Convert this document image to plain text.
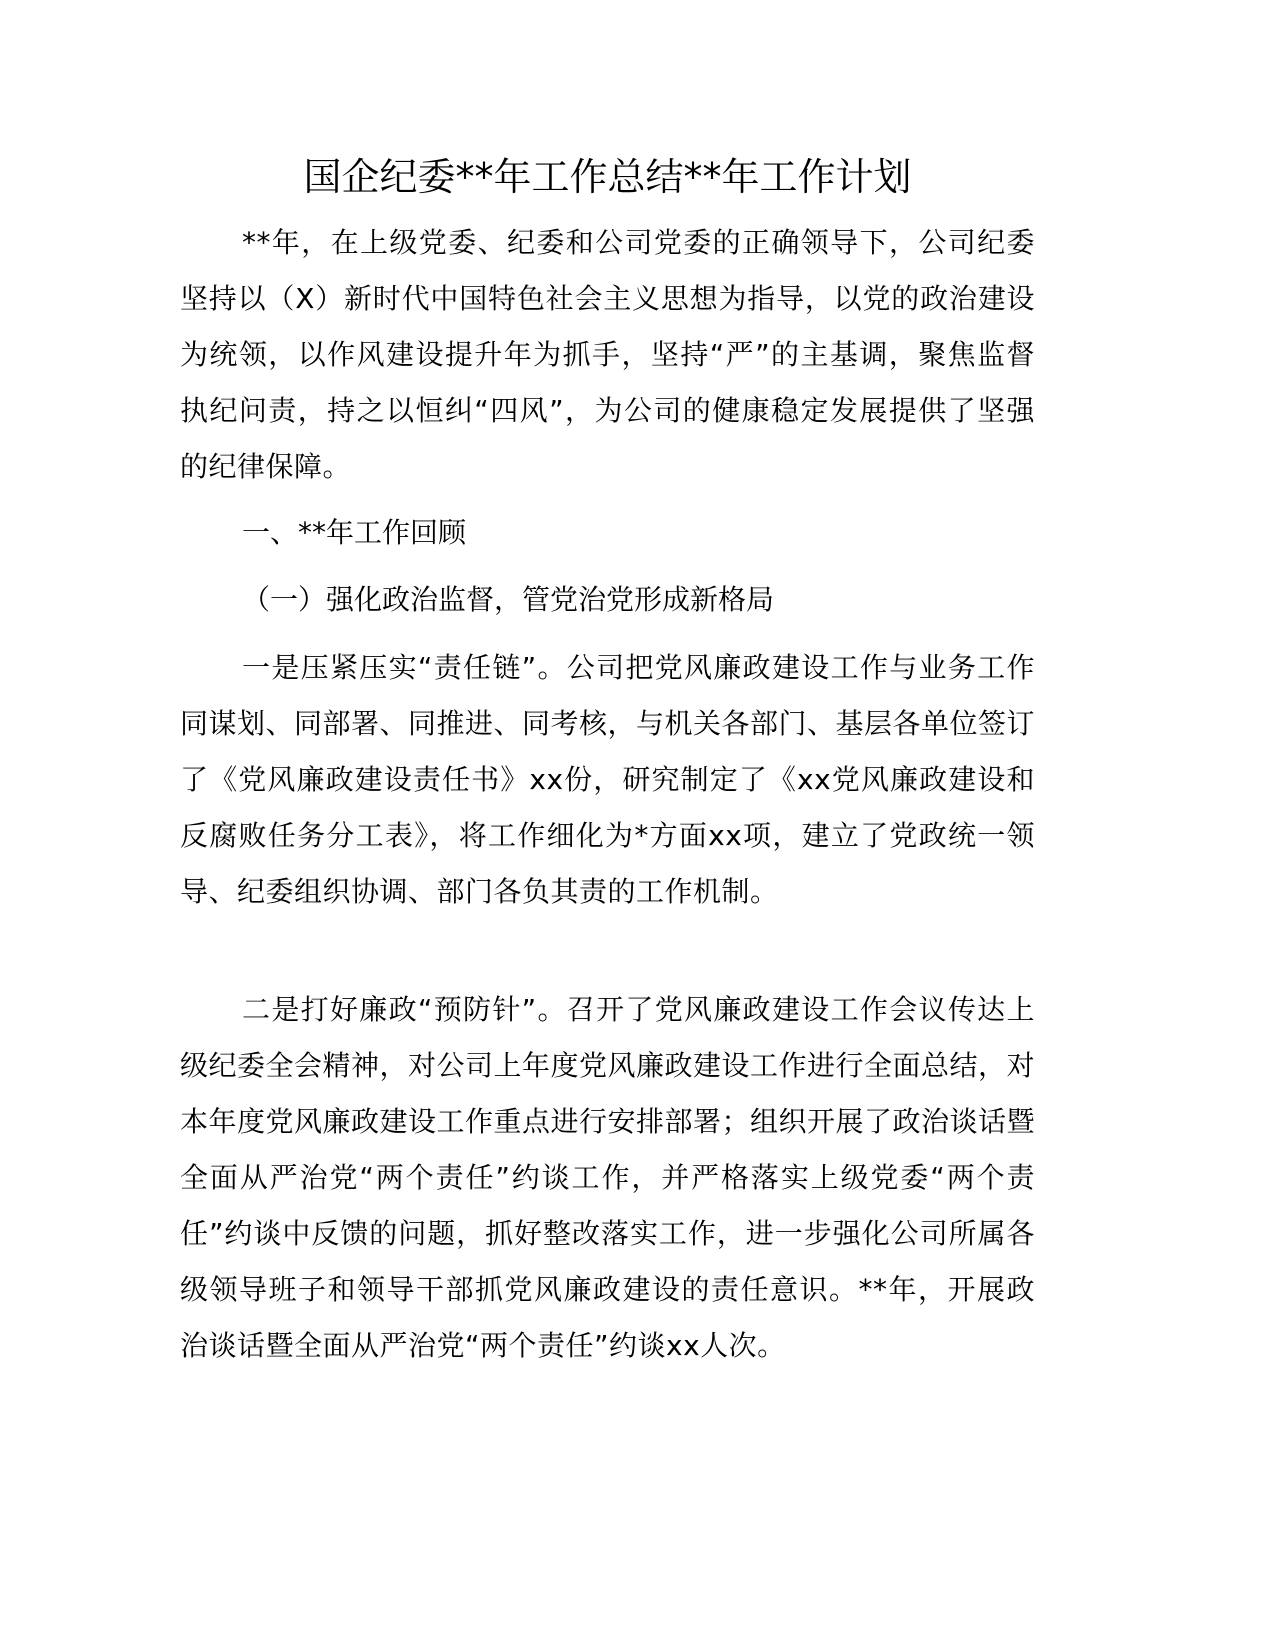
国企纪委**年工作总结**年工作计划

**年，在上级党委、纪委和公司党委的正确领导下，公司纪委坚持以（X）新时代中国特色社会主义思想为指导，以党的政治建设为统领，以作风建设提升年为抓手，坚持“严”的主基调，聚焦监督执纪问责，持之以恒纠“四风”，为公司的健康稳定发展提供了坚强的纪律保障。

一、**年工作回顾
（一）强化政治监督，管党治党形成新格局

一是压紧压实“责任链”。公司把党风廉政建设工作与业务工作同谋划、同部署、同推进、同考核，与机关各部门、基层各单位签订了《党风廉政建设责任书》xx份，研究制定了《xx党风廉政建设和反腐败任务分工表》，将工作细化为*方面xx项，建立了党政统一领导、纪委组织协调、部门各负其责的工作机制。

二是打好廉政“预防针”。召开了党风廉政建设工作会议传达上级纪委全会精神，对公司上年度党风廉政建设工作进行全面总结，对本年度党风廉政建设工作重点进行安排部署；组织开展了政治谈话暨全面从严治党“两个责任”约谈工作，并严格落实上级党委“两个责任”约谈中反馈的问题，抓好整改落实工作，进一步强化公司所属各级领导班子和领导干部抓党风廉政建设的责任意识。**年，开展政治谈话暨全面从严治党“两个责任”约谈xx人次。
